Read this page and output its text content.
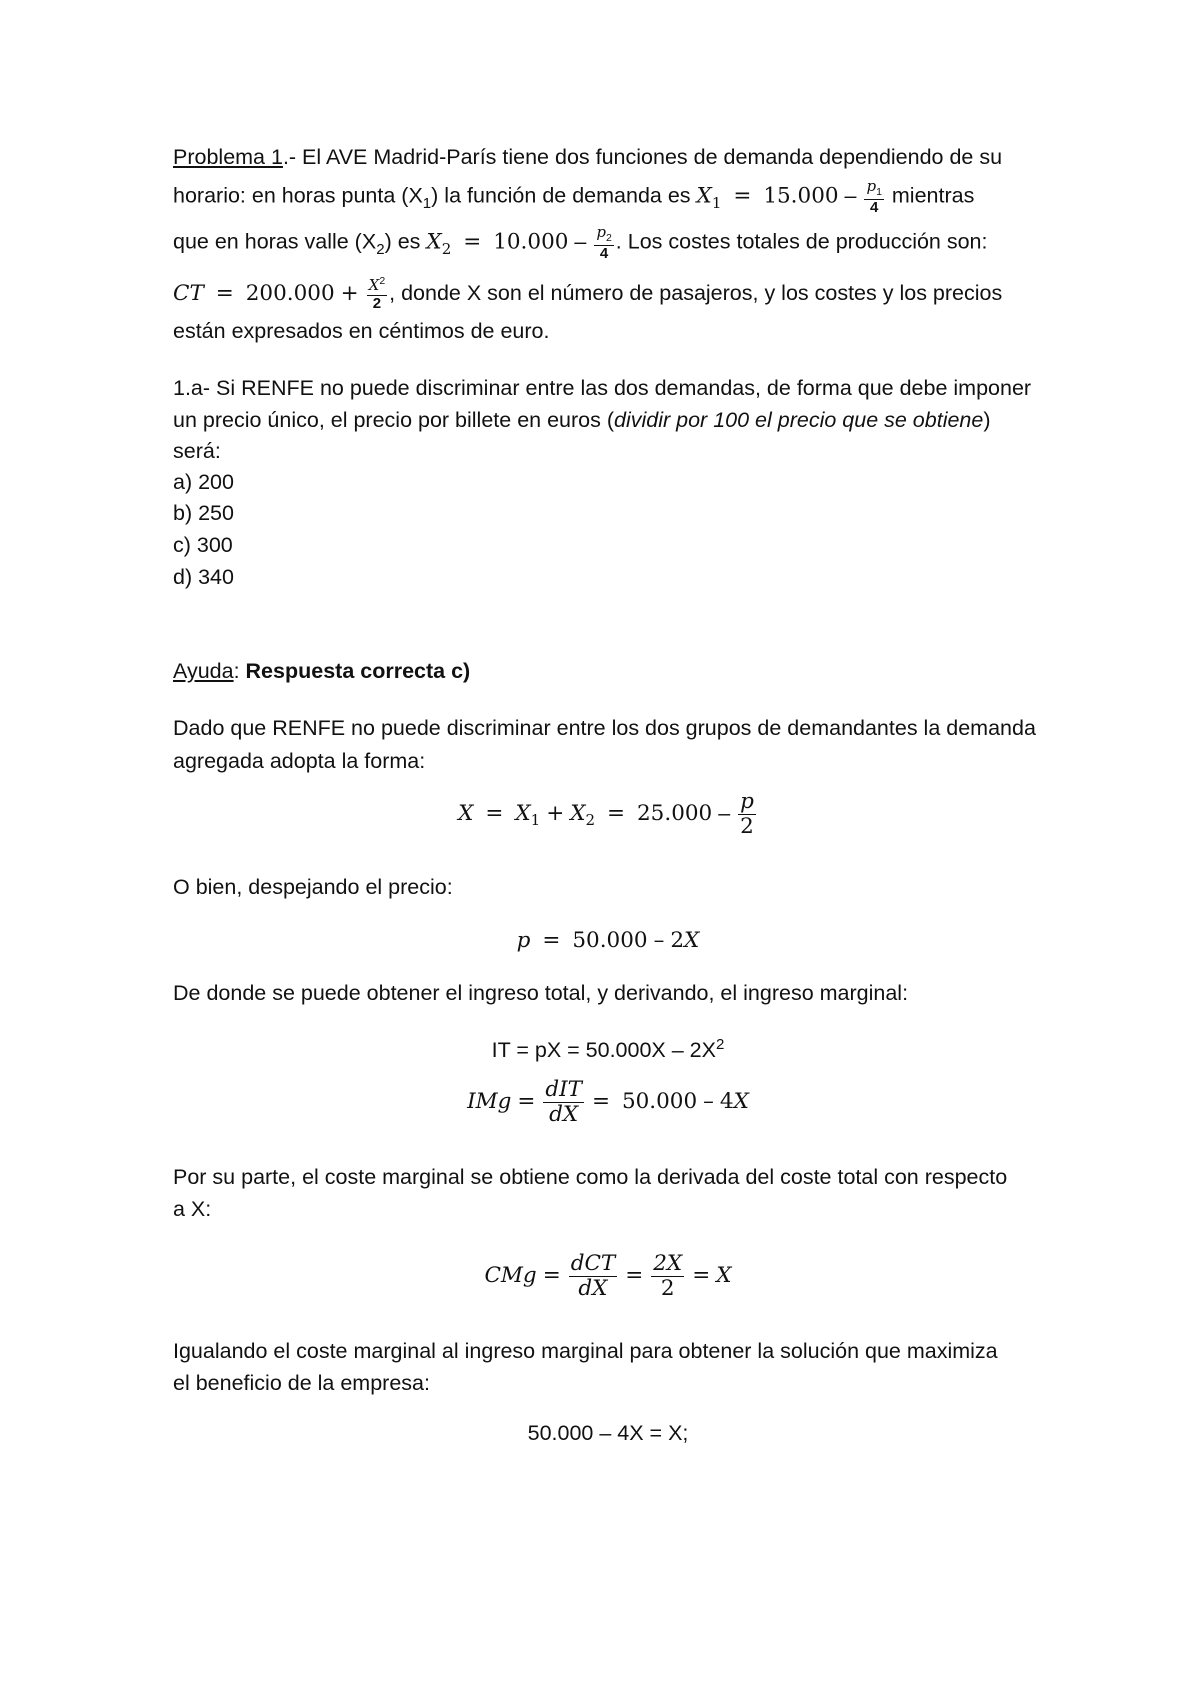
Problema 1.- El AVE Madrid-París tiene dos funciones de demanda dependiendo de su
horario: en horas punta $(X_1)$ la función de demanda es $X_1 = 15.000 - \frac{p_1}{4}$ mientras
que en horas valle $(X_2)$ es $X_2 = 10.000 - \frac{p_2}{4}$ . Los costes totales de producción son:
CT = $200.000 + \frac{X^2}{2}$ , donde X son el número de pasajeros, y los costes y los precios
están expresados en céntimos de euro.
1.a- Si RENFE no puede discriminar entre las dos demandas, de forma que debe imponer
un precio único, el precio por billete en euros (dividir por 100 el precio que se obtiene)
será:
a) 200
b) 250
c) 300
d) 340
Ayuda: Respuesta correcta c)
Dado que RENFE no puede discriminar entre los dos grupos de demandantes la demanda
agregada adopta la forma:
$X = X_1 + X_2 = 25.000 - \frac{p}{2}$
O bien, despejando el precio:
p = 50.000 – 2X
De donde se puede obtener el ingreso total, y derivando, el ingreso marginal:
IT = pX = $50.000X - 2X^2$
IMg = $\frac{\text{dIT}}{dX} = 50.000 - 4X$
Por su parte, el coste marginal se obtiene como la derivada del coste total con respecto
a X:
CMg = $\frac{\text{dCT}}{dX} = \frac{2X}{2} = X$
Igualando el coste marginal al ingreso marginal para obtener la solución que maximiza
el beneficio de la empresa:
50.000 – 4X = X;
